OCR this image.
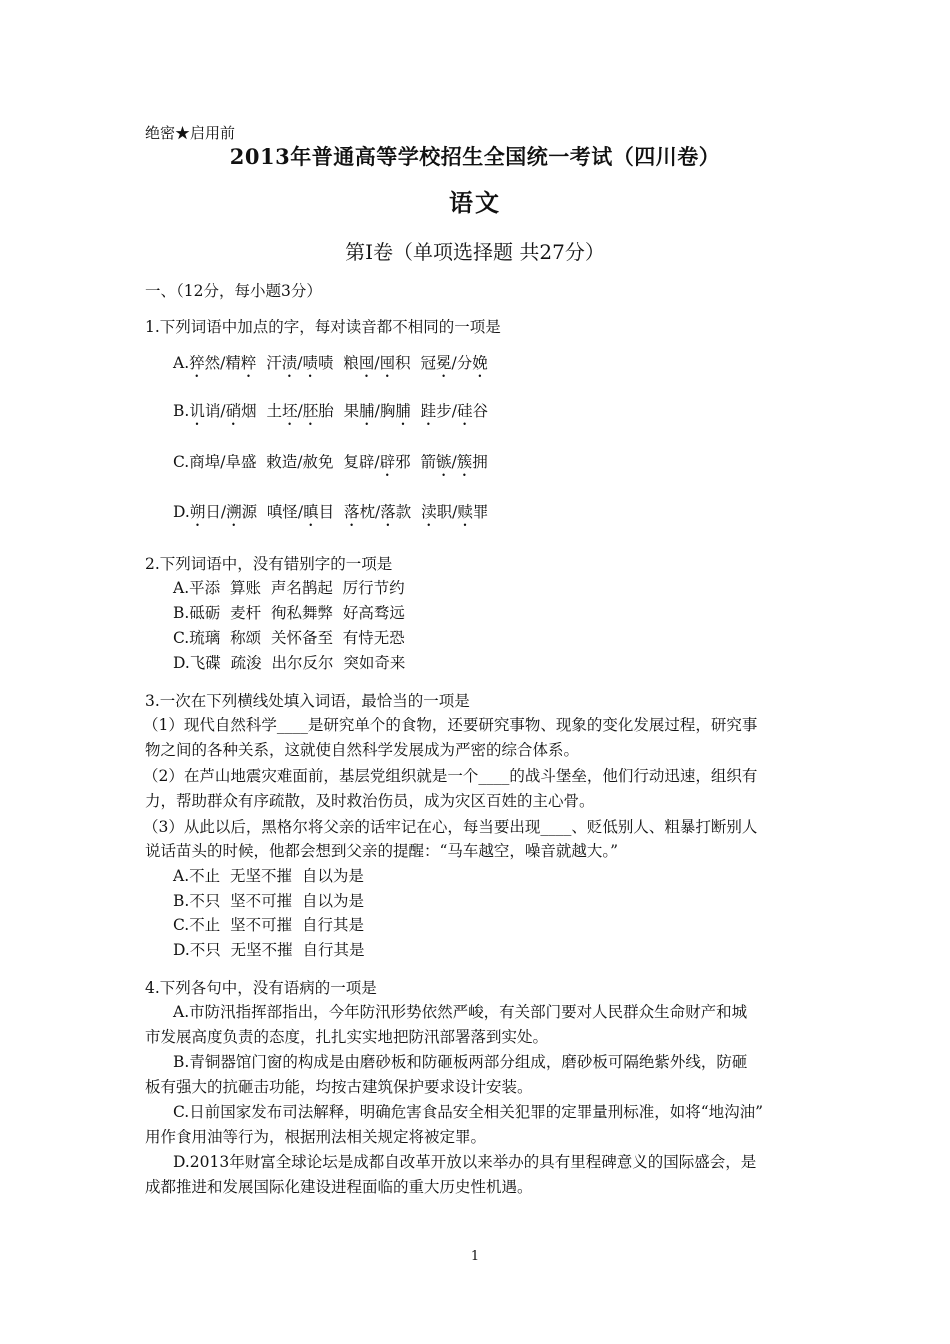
绝密★启用前
2013年普通高等学校招生全国统一考试（四川卷）
语文
第Ⅰ卷（单项选择题 共27分）
一、（12分，每小题3分）
1.下列词语中加点的字，每对读音都不相同的一项是
A.猝然/精粹  汗渍/啧啧  粮囤/囤积  冠冕/分娩
B.讥诮/硝烟  土坯/胚胎  果脯/胸脯 跬步/硅谷
C.商埠/阜盛  敕造/赦免  复辟/辟邪  箭镞/簇拥
D.朔日/溯源  嗔怪/瞋目  落枕/落款  渎职/赎罪
2.下列词语中，没有错别字的一项是
A.平添  算账  声名鹊起  厉行节约
B.砥砺  麦杆  徇私舞弊  好高骛远
C.琉璃  称颂  关怀备至  有恃无恐
D.飞碟  疏浚  出尔反尔  突如奇来
3.一次在下列横线处填入词语，最恰当的一项是
（1）现代自然科学____是研究单个的食物，还要研究事物、现象的变化发展过程，研究事
物之间的各种关系，这就使自然科学发展成为严密的综合体系。
（2）在芦山地震灾难面前，基层党组织就是一个____的战斗堡垒，他们行动迅速，组织有
力，帮助群众有序疏散，及时救治伤员，成为灾区百姓的主心骨。
（3）从此以后，黑格尔将父亲的话牢记在心，每当要出现____、贬低别人、粗暴打断别人
说话苗头的时候，他都会想到父亲的提醒：“马车越空，噪音就越大。”
A.不止  无坚不摧  自以为是
B.不只  坚不可摧  自以为是
C.不止  坚不可摧  自行其是
D.不只  无坚不摧  自行其是
4.下列各句中，没有语病的一项是
A.市防汛指挥部指出，今年防汛形势依然严峻，有关部门要对人民群众生命财产和城
市发展高度负责的态度，扎扎实实地把防汛部署落到实处。
B.青铜器馆门窗的构成是由磨砂板和防砸板两部分组成，磨砂板可隔绝紫外线，防砸
板有强大的抗砸击功能，均按古建筑保护要求设计安装。
C.日前国家发布司法解释，明确危害食品安全相关犯罪的定罪量刑标准，如将“地沟油”
用作食用油等行为，根据刑法相关规定将被定罪。
D.2013年财富全球论坛是成都自改革开放以来举办的具有里程碑意义的国际盛会，是
成都推进和发展国际化建设进程面临的重大历史性机遇。
1
